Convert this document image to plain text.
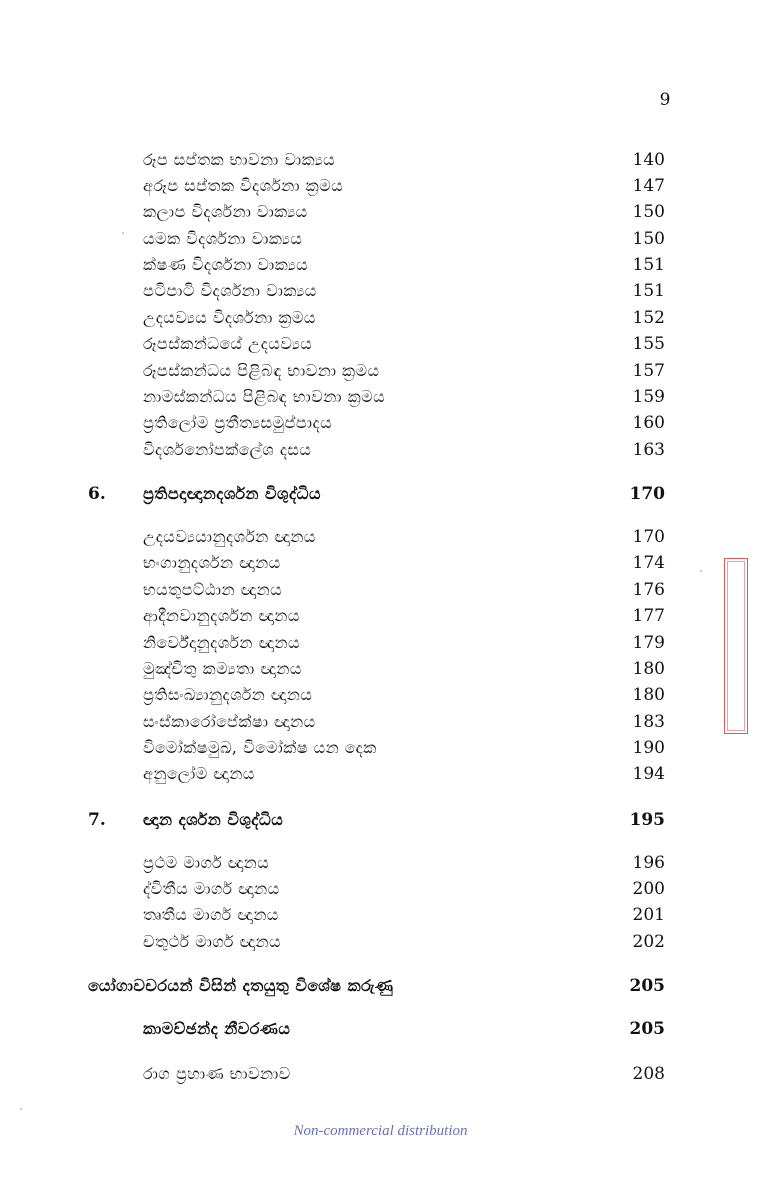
9
රූප සප්තක භාවනා වාක්‍යය	140
අරූප සප්තක විදර්ශනා ක්‍රමය	147
කලාප විදර්ශනා වාක්‍යය	150
යමක විදර්ශනා වාක්‍යය	150
ක්ෂණ විදර්ශනා වාක්‍යය	151
පටිපාටි විදර්ශනා වාක්‍යය	151
උදයව්‍යය විදර්ශනා ක්‍රමය	152
රූපස්කන්ධයේ උදයව්‍යය	155
රූපස්කන්ධය පිළිබඳ භාවනා ක්‍රමය	157
නාමස්කන්ධය පිළිබඳ භාවනා ක්‍රමය	159
ප්‍රතිලෝම ප්‍රතීත්‍යසමුප්පාදය	160
විදර්ශනෝපක්ලේශ දසය	163
6. ප්‍රතිපදාඥානදර්ශන විශුද්ධිය	170
උදයව්‍යයානුදර්ශන ඥානය	170
භංගානුදර්ශන ඥානය	174
භයතුපට්ඨාන ඥානය	176
ආදීනවානුදර්ශන ඥානය	177
නිර්වේදානුදර්ශන ඥානය	179
මුඤ්චිතු කම්‍යතා ඥානය	180
ප්‍රතිසංඛ්‍යානුදර්ශන ඥානය	180
සංස්කාරෝපේක්ෂා ඥානය	183
විමෝක්ෂමුඛ, විමෝක්ෂ යන දෙක	190
අනුලෝම ඥානය	194
7. ඥාන දර්ශන විශුද්ධිය	195
ප්‍රථම මාර්ග ඥානය	196
ද්විතීය මාර්ග ඥානය	200
තෘතීය මාර්ග ඥානය	201
චතුර්ථ මාර්ග ඥානය	202
යෝගාවචරයන් විසින් දතයුතු විශේෂ කරුණු	205
කාමච්ඡන්ද නීවරණය	205
රාග ප්‍රහාණ භාවනාව	208
Non-commercial distribution
